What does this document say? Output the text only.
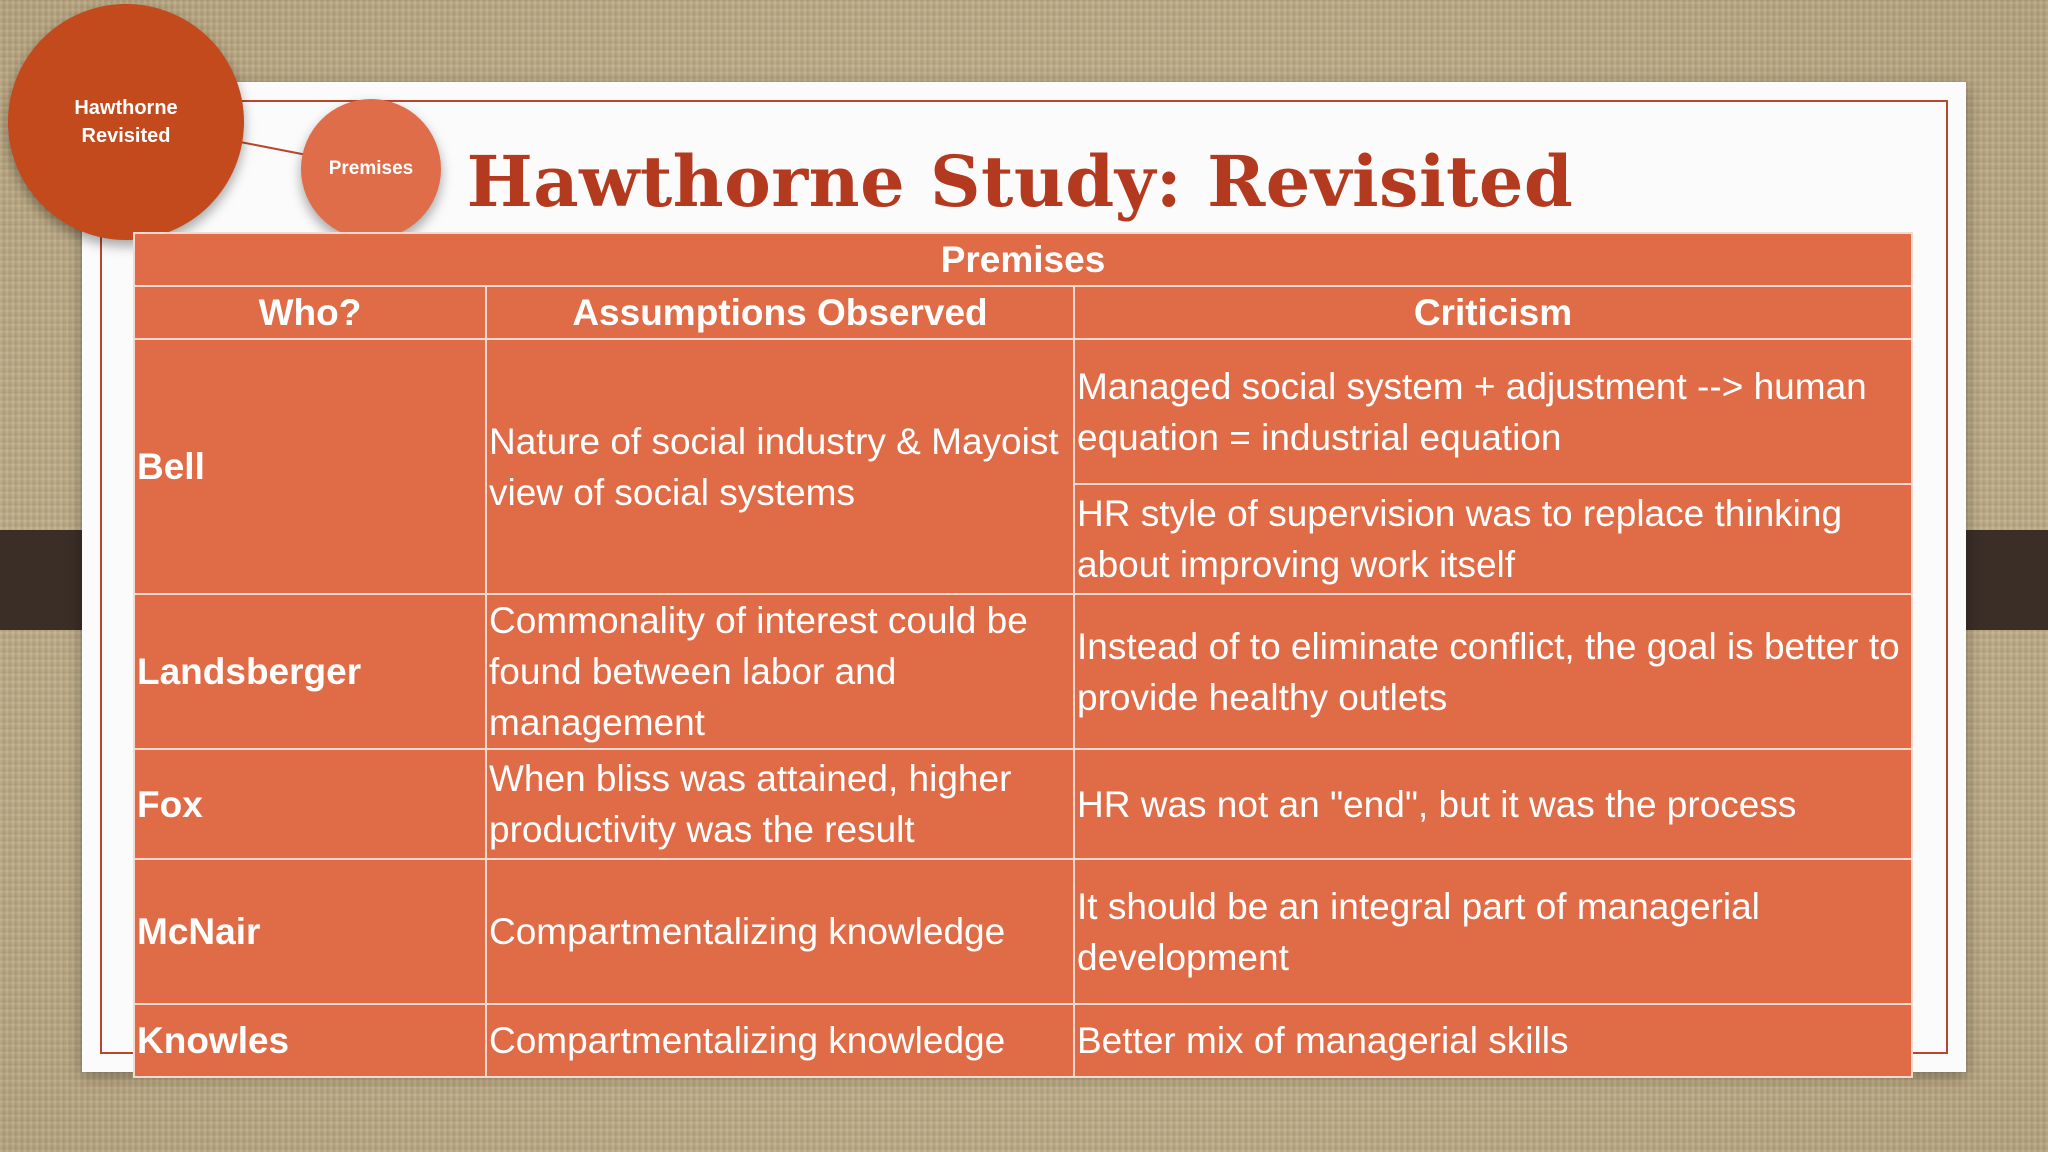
Hawthorne Revisited
Premises Hawthorne Study: Revisited
Premises		
Who?	Assumptions Observed	Criticism
Bell	Nature of social industry & Mayoist view of social systems	Managed social system + adjustment --> human equation = industrial equation
		HR style of supervision was to replace thinking about improving work itself
Landsberger	Commonality of interest could be found between labor and management	Instead of to eliminate conflict, the goal is better to provide healthy outlets
Fox	When bliss was attained, higher productivity was the result	HR was not an "end", but it was the process
McNair	Compartmentalizing knowledge	It should be an integral part of managerial development
Knowles	Compartmentalizing knowledge	Better mix of managerial skills
